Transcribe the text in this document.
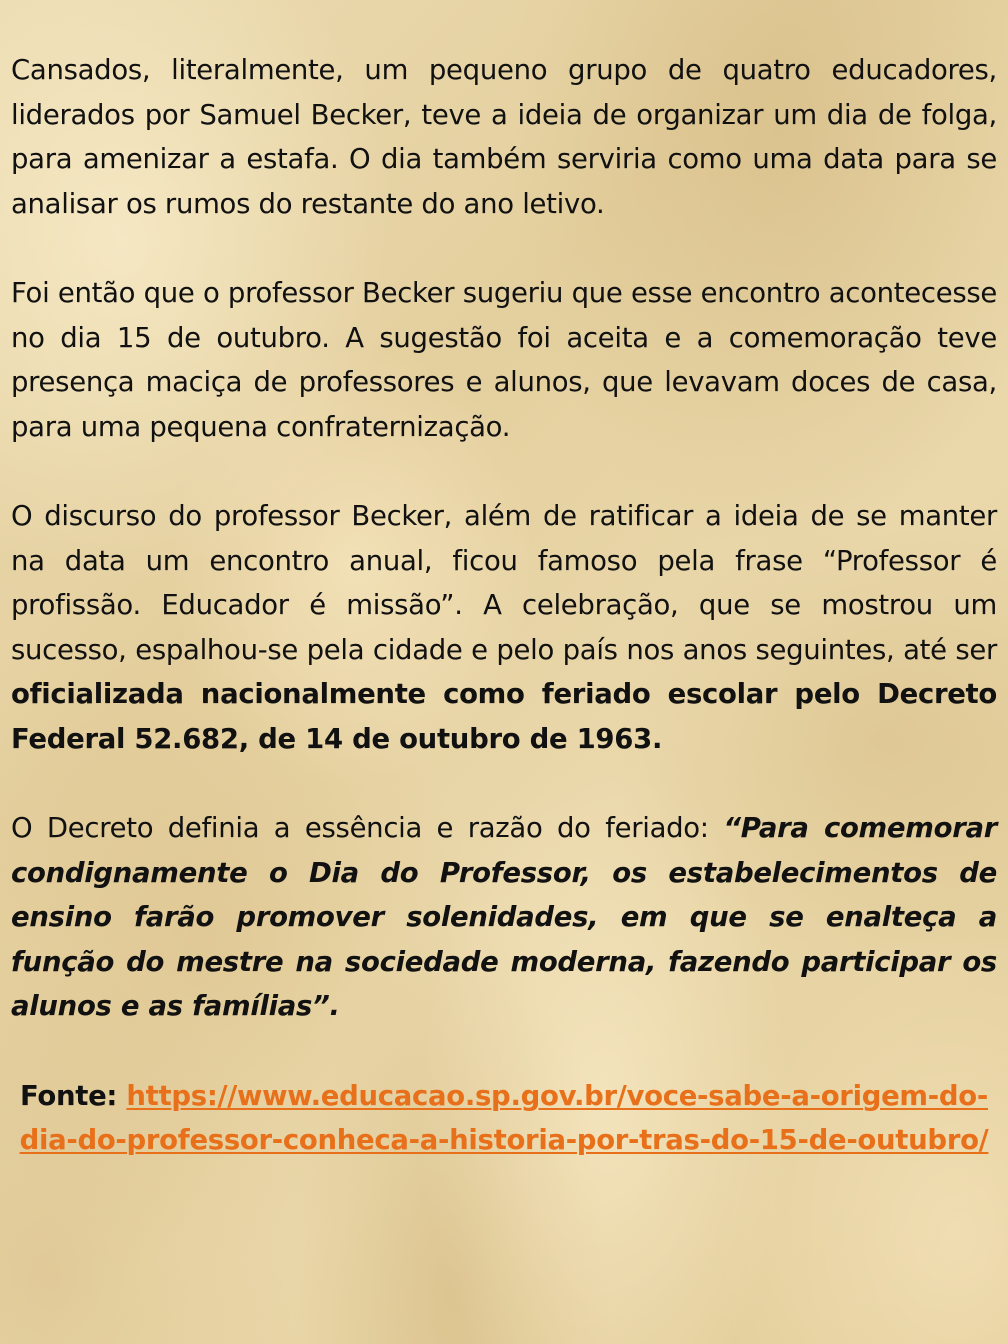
Cansados, literalmente, um pequeno grupo de quatro educadores, liderados por Samuel Becker, teve a ideia de organizar um dia de folga, para amenizar a estafa. O dia também serviria como uma data para se analisar os rumos do restante do ano letivo.

Foi então que o professor Becker sugeriu que esse encontro acontecesse no dia 15 de outubro. A sugestão foi aceita e a comemoração teve presença maciça de professores e alunos, que levavam doces de casa, para uma pequena confraternização.

O discurso do professor Becker, além de ratificar a ideia de se manter na data um encontro anual, ficou famoso pela frase “Professor é profissão. Educador é missão”. A celebração, que se mostrou um sucesso, espalhou-se pela cidade e pelo país nos anos seguintes, até ser oficializada nacionalmente como feriado escolar pelo Decreto Federal 52.682, de 14 de outubro de 1963.

O Decreto definia a essência e razão do feriado: “Para comemorar condignamente o Dia do Professor, os estabelecimentos de ensino farão promover solenidades, em que se enalteça a função do mestre na sociedade moderna, fazendo participar os alunos e as famílias”.

Fonte: https://www.educacao.sp.gov.br/voce-sabe-a-origem-do-dia-do-professor-conheca-a-historia-por-tras-do-15-de-outubro/
